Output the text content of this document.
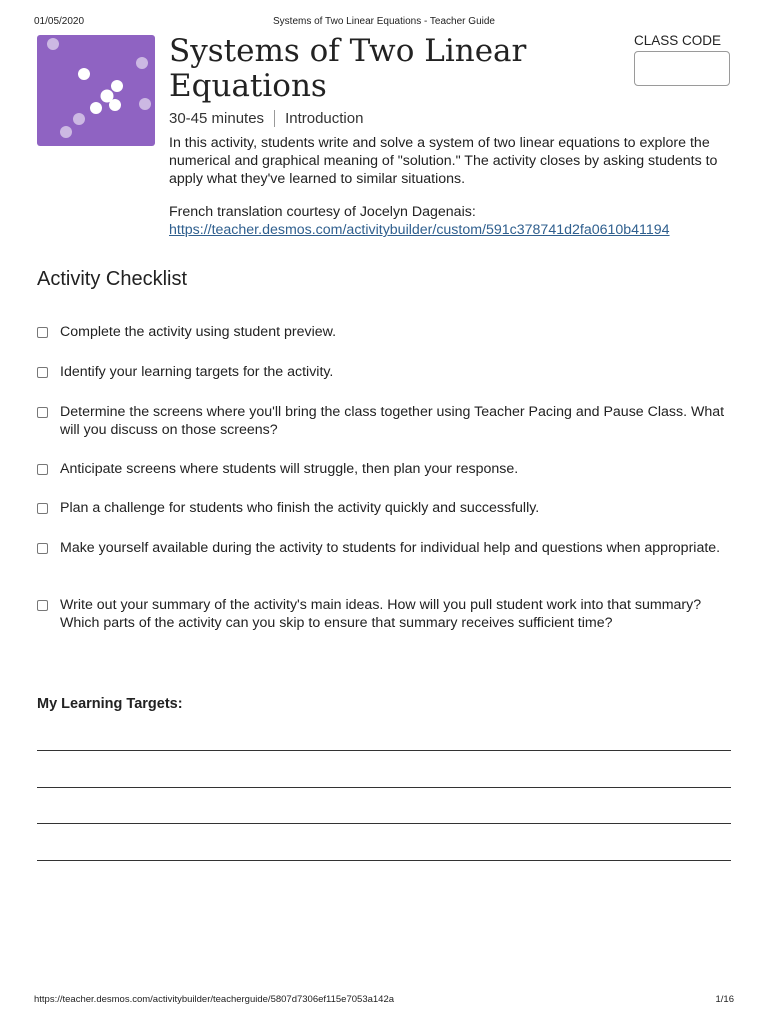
01/05/2020	Systems of Two Linear Equations - Teacher Guide
Systems of Two Linear Equations
30-45 minutes Introduction
CLASS CODE

In this activity, students write and solve a system of two linear equations to explore the numerical and graphical meaning of "solution." The activity closes by asking students to apply what they've learned to similar situations.

French translation courtesy of Jocelyn Dagenais:
https://teacher.desmos.com/activitybuilder/custom/591c378741d2fa0610b41194

Activity Checklist
Complete the activity using student preview.
Identify your learning targets for the activity.
Determine the screens where you'll bring the class together using Teacher Pacing and Pause Class. What will you discuss on those screens?
Anticipate screens where students will struggle, then plan your response.
Plan a challenge for students who finish the activity quickly and successfully.
Make yourself available during the activity to students for individual help and questions when appropriate.
Write out your summary of the activity's main ideas. How will you pull student work into that summary? Which parts of the activity can you skip to ensure that summary receives sufficient time?
My Learning Targets:
https://teacher.desmos.com/activitybuilder/teacherguide/5807d7306ef115e7053a142a	1/16
